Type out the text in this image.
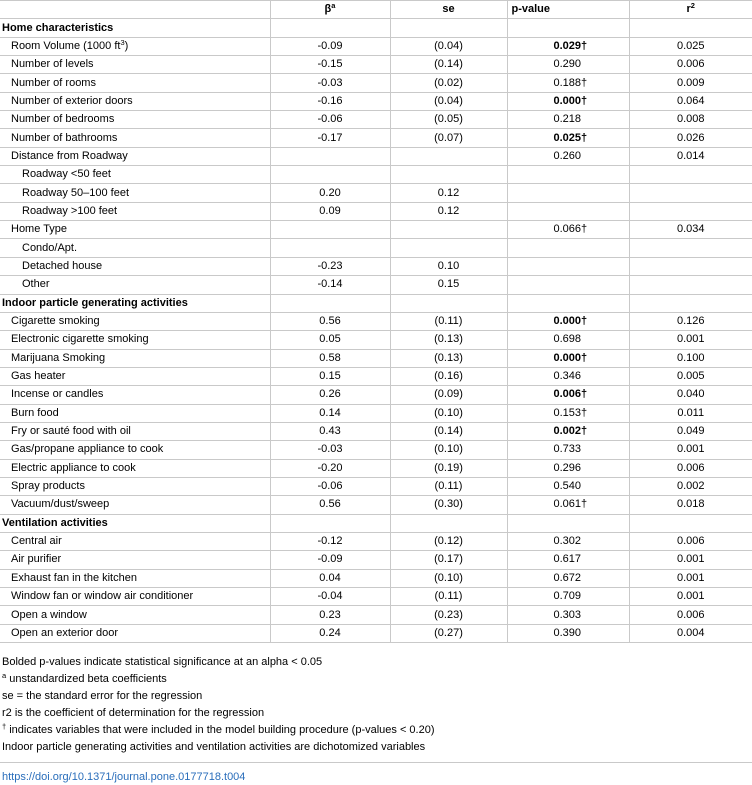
	$\beta^a$	se	p-value	$r^2$
Home characteristics				
Room Volume (1000 $ft^3$)	-0.09	(0.04)	0.029†	0.025
Number of levels	-0.15	(0.14)	0.290	0.006
Number of rooms	-0.03	(0.02)	0.188†	0.009
Number of exterior doors	-0.16	(0.04)	0.000†	0.064
Number of bedrooms	-0.06	(0.05)	0.218	0.008
Number of bathrooms	-0.17	(0.07)	0.025†	0.026
Distance from Roadway			0.260	0.014
Roadway <50 feet				
Roadway 50–100 feet	0.20	0.12		
Roadway >100 feet	0.09	0.12		
Home Type			0.066†	0.034
Condo/Apt.				
Detached house	-0.23	0.10		
Other	-0.14	0.15		
Indoor particle generating activities				
Cigarette smoking	0.56	(0.11)	0.000†	0.126
Electronic cigarette smoking	0.05	(0.13)	0.698	0.001
Marijuana Smoking	0.58	(0.13)	0.000†	0.100
Gas heater	0.15	(0.16)	0.346	0.005
Incense or candles	0.26	(0.09)	0.006†	0.040
Burn food	0.14	(0.10)	0.153†	0.011
Fry or sauté food with oil	0.43	(0.14)	0.002†	0.049
Gas/propane appliance to cook	-0.03	(0.10)	0.733	0.001
Electric appliance to cook	-0.20	(0.19)	0.296	0.006
Spray products	-0.06	(0.11)	0.540	0.002
Vacuum/dust/sweep	0.56	(0.30)	0.061†	0.018
Ventilation activities				
Central air	-0.12	(0.12)	0.302	0.006
Air purifier	-0.09	(0.17)	0.617	0.001
Exhaust fan in the kitchen	0.04	(0.10)	0.672	0.001
Window fan or window air conditioner	-0.04	(0.11)	0.709	0.001
Open a window	0.23	(0.23)	0.303	0.006
Open an exterior door	0.24	(0.27)	0.390	0.004
Bolded p-values indicate statistical significance at an alpha < 0.05
$^a$ unstandardized beta coefficients
se = the standard error for the regression
r2 is the coefficient of determination for the regression
† indicates variables that were included in the model building procedure (p-values < 0.20)
Indoor particle generating activities and ventilation activities are dichotomized variables
https://doi.org/10.1371/journal.pone.0177718.t004
